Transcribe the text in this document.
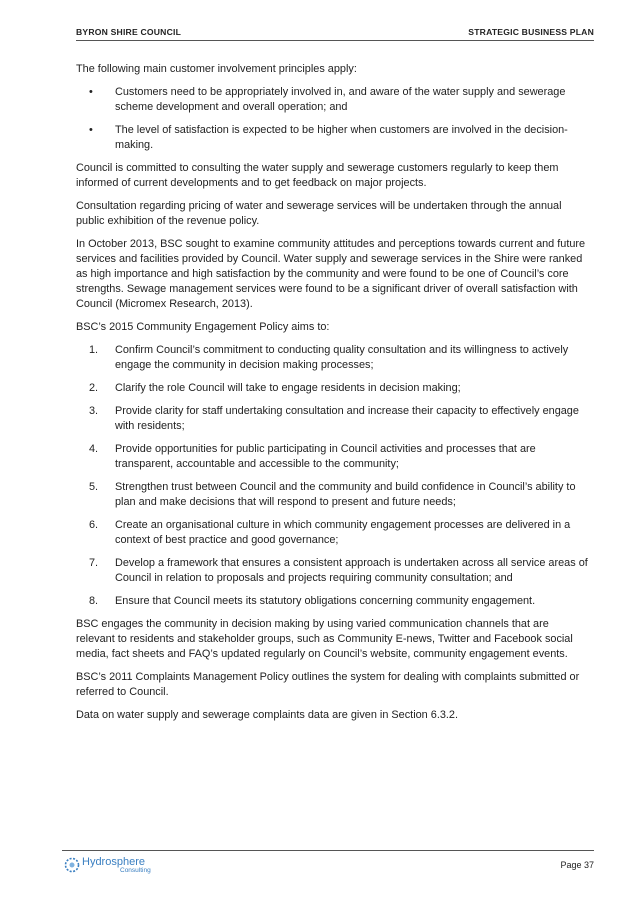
BYRON SHIRE COUNCIL	STRATEGIC BUSINESS PLAN

The following main customer involvement principles apply:

• Customers need to be appropriately involved in, and aware of the water supply and sewerage scheme development and overall operation; and
• The level of satisfaction is expected to be higher when customers are involved in the decision-making.

Council is committed to consulting the water supply and sewerage customers regularly to keep them informed of current developments and to get feedback on major projects.

Consultation regarding pricing of water and sewerage services will be undertaken through the annual public exhibition of the revenue policy.

In October 2013, BSC sought to examine community attitudes and perceptions towards current and future services and facilities provided by Council. Water supply and sewerage services in the Shire were ranked as high importance and high satisfaction by the community and were found to be one of Council’s core strengths. Sewage management services were found to be a significant driver of overall satisfaction with Council (Micromex Research, 2013).

BSC’s 2015 Community Engagement Policy aims to:

1. Confirm Council’s commitment to conducting quality consultation and its willingness to actively engage the community in decision making processes;
2. Clarify the role Council will take to engage residents in decision making;
3. Provide clarity for staff undertaking consultation and increase their capacity to effectively engage with residents;
4. Provide opportunities for public participating in Council activities and processes that are transparent, accountable and accessible to the community;
5. Strengthen trust between Council and the community and build confidence in Council’s ability to plan and make decisions that will respond to present and future needs;
6. Create an organisational culture in which community engagement processes are delivered in a context of best practice and good governance;
7. Develop a framework that ensures a consistent approach is undertaken across all service areas of Council in relation to proposals and projects requiring community consultation; and
8. Ensure that Council meets its statutory obligations concerning community engagement.

BSC engages the community in decision making by using varied communication channels that are relevant to residents and stakeholder groups, such as Community E-news, Twitter and Facebook social media, fact sheets and FAQ’s updated regularly on Council’s website, community engagement events.

BSC’s 2011 Complaints Management Policy outlines the system for dealing with complaints submitted or referred to Council.

Data on water supply and sewerage complaints data are given in Section 6.3.2.

Hydrosphere
Consulting
Page 37
